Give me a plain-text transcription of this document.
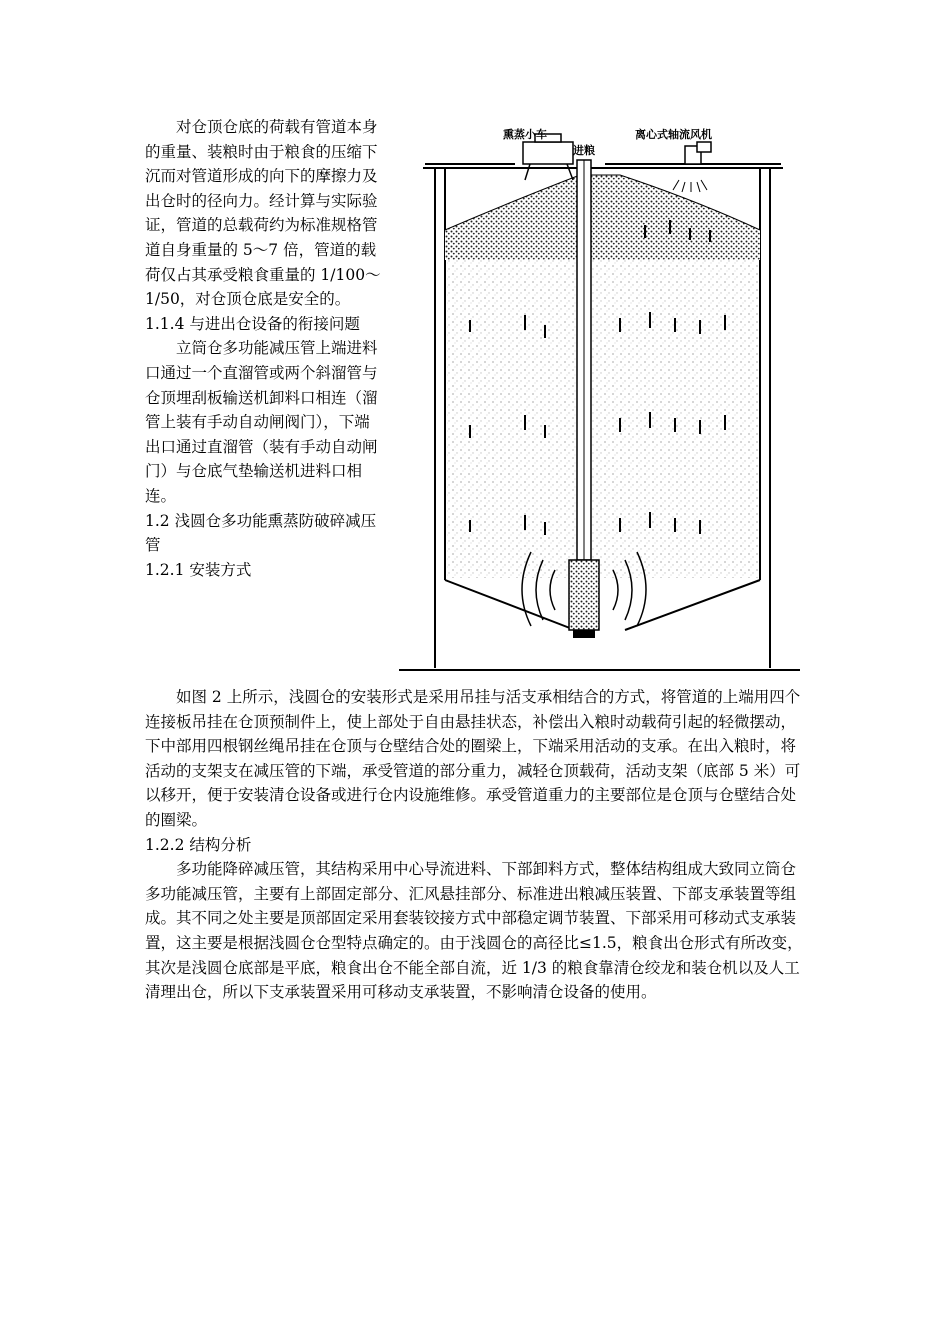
对仓顶仓底的荷载有管道本身的重量、装粮时由于粮食的压缩下沉而对管道形成的向下的摩擦力及出仓时的径向力。经计算与实际验证，管道的总载荷约为标准规格管道自身重量的 5～7 倍，管道的载荷仅占其承受粮食重量的 1/100～1/50，对仓顶仓底是安全的。

1.1.4 与进出仓设备的衔接问题

立筒仓多功能减压管上端进料口通过一个直溜管或两个斜溜管与仓顶埋刮板输送机卸料口相连（溜管上装有手动自动闸阀门），下端出口通过直溜管（装有手动自动闸门）与仓底气垫输送机进料口相连。

1.2 浅圆仓多功能熏蒸防破碎减压管

1.2.1 安装方式

熏蒸小车
进粮
离心式轴流风机

如图 2 上所示，浅圆仓的安装形式是采用吊挂与活支承相结合的方式，将管道的上端用四个连接板吊挂在仓顶预制件上，使上部处于自由悬挂状态，补偿出入粮时动载荷引起的轻微摆动，下中部用四根钢丝绳吊挂在仓顶与仓壁结合处的圈梁上，下端采用活动的支承。在出入粮时，将活动的支架支在减压管的下端，承受管道的部分重力，减轻仓顶载荷，活动支架（底部 5 米）可以移开，便于安装清仓设备或进行仓内设施维修。承受管道重力的主要部位是仓顶与仓壁结合处的圈梁。

1.2.2 结构分析

多功能降碎减压管，其结构采用中心导流进料、下部卸料方式，整体结构组成大致同立筒仓多功能减压管，主要有上部固定部分、汇风悬挂部分、标准进出粮减压装置、下部支承装置等组成。其不同之处主要是顶部固定采用套装铰接方式中部稳定调节装置、下部采用可移动式支承装置，这主要是根据浅圆仓仓型特点确定的。由于浅圆仓的高径比≤1.5，粮食出仓形式有所改变，其次是浅圆仓底部是平底，粮食出仓不能全部自流，近 1/3 的粮食靠清仓绞龙和装仓机以及人工清理出仓，所以下支承装置采用可移动支承装置，不影响清仓设备的使用。
